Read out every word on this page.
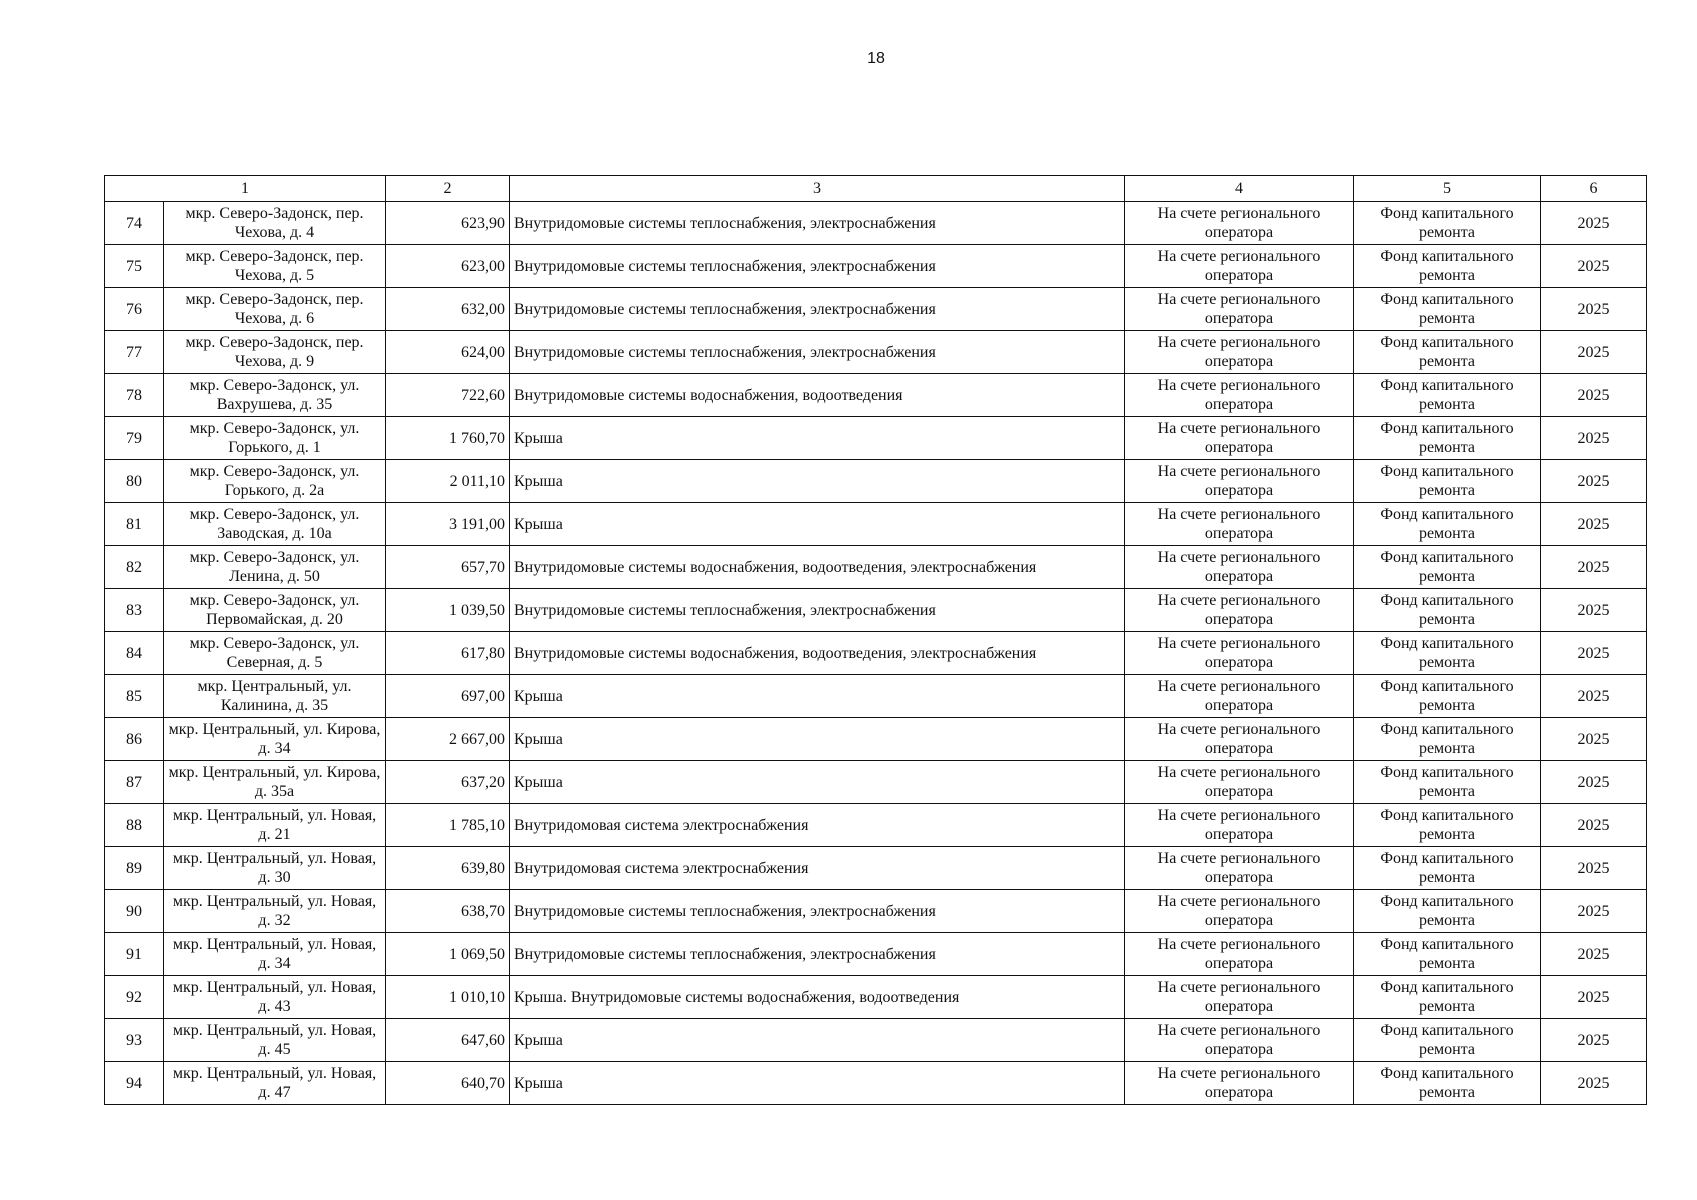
18
1		2	3	4	5	6
74	мкр. Северо-Задонск, пер. Чехова, д. 4	623,90	Внутридомовые системы теплоснабжения, электроснабжения	На счете регионального оператора	Фонд капитального ремонта	2025
75	мкр. Северо-Задонск, пер. Чехова, д. 5	623,00	Внутридомовые системы теплоснабжения, электроснабжения	На счете регионального оператора	Фонд капитального ремонта	2025
76	мкр. Северо-Задонск, пер. Чехова, д. 6	632,00	Внутридомовые системы теплоснабжения, электроснабжения	На счете регионального оператора	Фонд капитального ремонта	2025
77	мкр. Северо-Задонск, пер. Чехова, д. 9	624,00	Внутридомовые системы теплоснабжения, электроснабжения	На счете регионального оператора	Фонд капитального ремонта	2025
78	мкр. Северо-Задонск, ул. Вахрушева, д. 35	722,60	Внутридомовые системы водоснабжения, водоотведения	На счете регионального оператора	Фонд капитального ремонта	2025
79	мкр. Северо-Задонск, ул. Горького, д. 1	1 760,70	Крыша	На счете регионального оператора	Фонд капитального ремонта	2025
80	мкр. Северо-Задонск, ул. Горького, д. 2а	2 011,10	Крыша	На счете регионального оператора	Фонд капитального ремонта	2025
81	мкр. Северо-Задонск, ул. Заводская, д. 10а	3 191,00	Крыша	На счете регионального оператора	Фонд капитального ремонта	2025
82	мкр. Северо-Задонск, ул. Ленина, д. 50	657,70	Внутридомовые системы водоснабжения, водоотведения, электроснабжения	На счете регионального оператора	Фонд капитального ремонта	2025
83	мкр. Северо-Задонск, ул. Первомайская, д. 20	1 039,50	Внутридомовые системы теплоснабжения, электроснабжения	На счете регионального оператора	Фонд капитального ремонта	2025
84	мкр. Северо-Задонск, ул. Северная, д. 5	617,80	Внутридомовые системы водоснабжения, водоотведения, электроснабжения	На счете регионального оператора	Фонд капитального ремонта	2025
85	мкр. Центральный, ул. Калинина, д. 35	697,00	Крыша	На счете регионального оператора	Фонд капитального ремонта	2025
86	мкр. Центральный, ул. Кирова, д. 34	2 667,00	Крыша	На счете регионального оператора	Фонд капитального ремонта	2025
87	мкр. Центральный, ул. Кирова, д. 35а	637,20	Крыша	На счете регионального оператора	Фонд капитального ремонта	2025
88	мкр. Центральный, ул. Новая, д. 21	1 785,10	Внутридомовая система электроснабжения	На счете регионального оператора	Фонд капитального ремонта	2025
89	мкр. Центральный, ул. Новая, д. 30	639,80	Внутридомовая система электроснабжения	На счете регионального оператора	Фонд капитального ремонта	2025
90	мкр. Центральный, ул. Новая, д. 32	638,70	Внутридомовые системы теплоснабжения, электроснабжения	На счете регионального оператора	Фонд капитального ремонта	2025
91	мкр. Центральный, ул. Новая, д. 34	1 069,50	Внутридомовые системы теплоснабжения, электроснабжения	На счете регионального оператора	Фонд капитального ремонта	2025
92	мкр. Центральный, ул. Новая, д. 43	1 010,10	Крыша. Внутридомовые системы водоснабжения, водоотведения	На счете регионального оператора	Фонд капитального ремонта	2025
93	мкр. Центральный, ул. Новая, д. 45	647,60	Крыша	На счете регионального оператора	Фонд капитального ремонта	2025
94	мкр. Центральный, ул. Новая, д. 47	640,70	Крыша	На счете регионального оператора	Фонд капитального ремонта	2025
